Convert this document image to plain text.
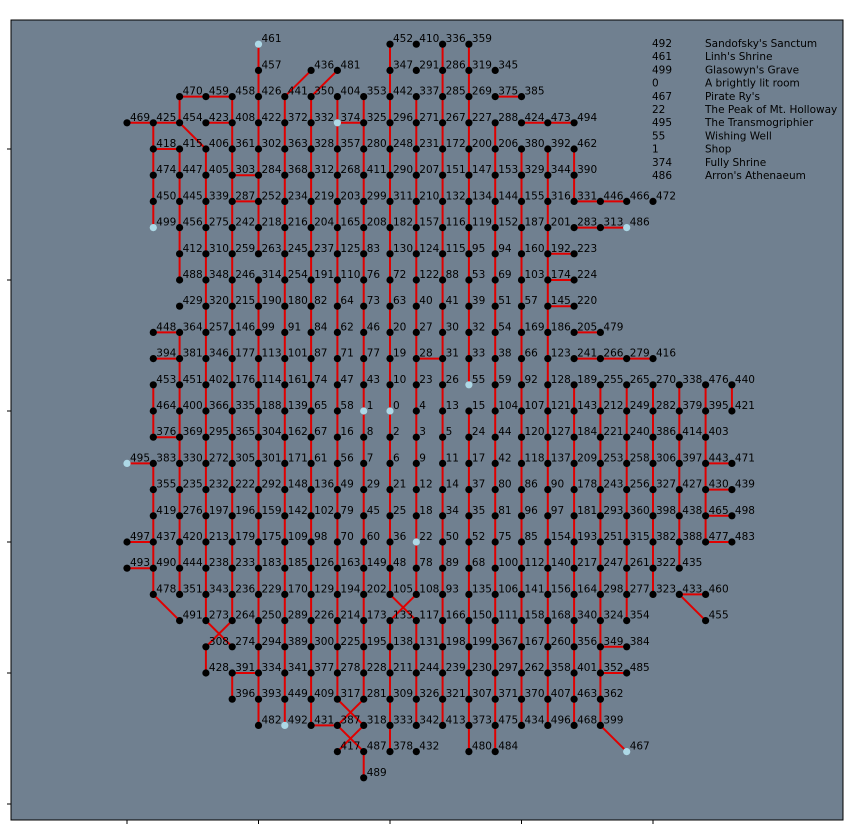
0
1
2 3
4
5
6
7
8
9
10
11
12
13
14
15
16
17
18
19
20
21
22
23
24
25
26
27
28
29
30
31
32
33
34 35
36
37
38
39
40 41
42
43
44
45
46
47
48
49
50
51
52
53
54
55
56
57
58
59
60
61
62
63
64
65
66
67
68
69
70
71
72
73
74
75
76
77
78
79
80
81
82
83
84
85
86
87
88
89
90
91
92
93
94
95
96 97
98
99
100
101
102
103
104
105	106
107
108
109
110
111
112
113
114
115
116
117
118
119
120
121
122
123
124
125
126
127
128
129
130
131
132
133
134
135
136
137
138
139
140
141
142
143
144
145
146
147
148
149
150
151
152
153
154
155
156
157
158
159
160
161
162
163
164
165
166
167
168
169
170
171
172
173
174
175
176
177
178
179
180
181
182
183
184
185
186
187
188
189
190
191
192
193
194
195
196
197
198 199
200
201
202
203
204
205
206
207
208
209
210
211
212
213
214
215
216
217
218
219
220
221
222
223
224
225
226
227
228
229
230
231
232
233
234
235
236
237
238
239
240
241
242
243
244
245
246
247
248
249
250
251
252
253
254
255
256
257
258
259
260
261
262
263
264
265
266
267
268
269
270
271
272
273
274
275
276
277
278
279
280
281
282
283
284
285
286
287
288
289
290
291
292
293
294
295
296
297
298
299
300
301
302
303
304
305	306
307
308
309
310
311
312
313
314
315
316
317
318
319
320
321
322
323
324
325
326
327
328
329
330
331
332
333
334
335
336
337
338
339
340
341
342
343
344
345
346
347
348
349
350
351
352
353
354
355
356
357
358
359
360
361
362
363
364
365
366
367
368
369
370
371
372
373
374
375
376
377
378
379
380
381
382
383
384
385
386
387
388
389
390
391
392
393
394
395
396
397
398
399
400
401
402
403
404
405
406
407
408
409
410
411
412
413
414
415
416
417
418
419
420
421
422
423	424
425
426
427
428
429
430
431
432
433
434
435
436
437
438
439
440
441	442
443
444
445	446
447
448
449
450
451
452
453
454
455
456
457
458
459
460
461
462
463
464
465
466
467
468
469
470
471
472
473
474
475
476
477
478
479
480
481
482
483
484
485
486
487
488
489
490
491
492
493
494
495
496
497
498
499
492	Sandofsky's Sanctum
461	Linh's Shrine
499	Glasowyn's Grave
0	A brightly lit room
467	Pirate Ry's
22	The Peak of Mt. Holloway
495	The Transmogriphier
55	Wishing Well
1	Shop
374	Fully Shrine
486	Arron's Athenaeum
